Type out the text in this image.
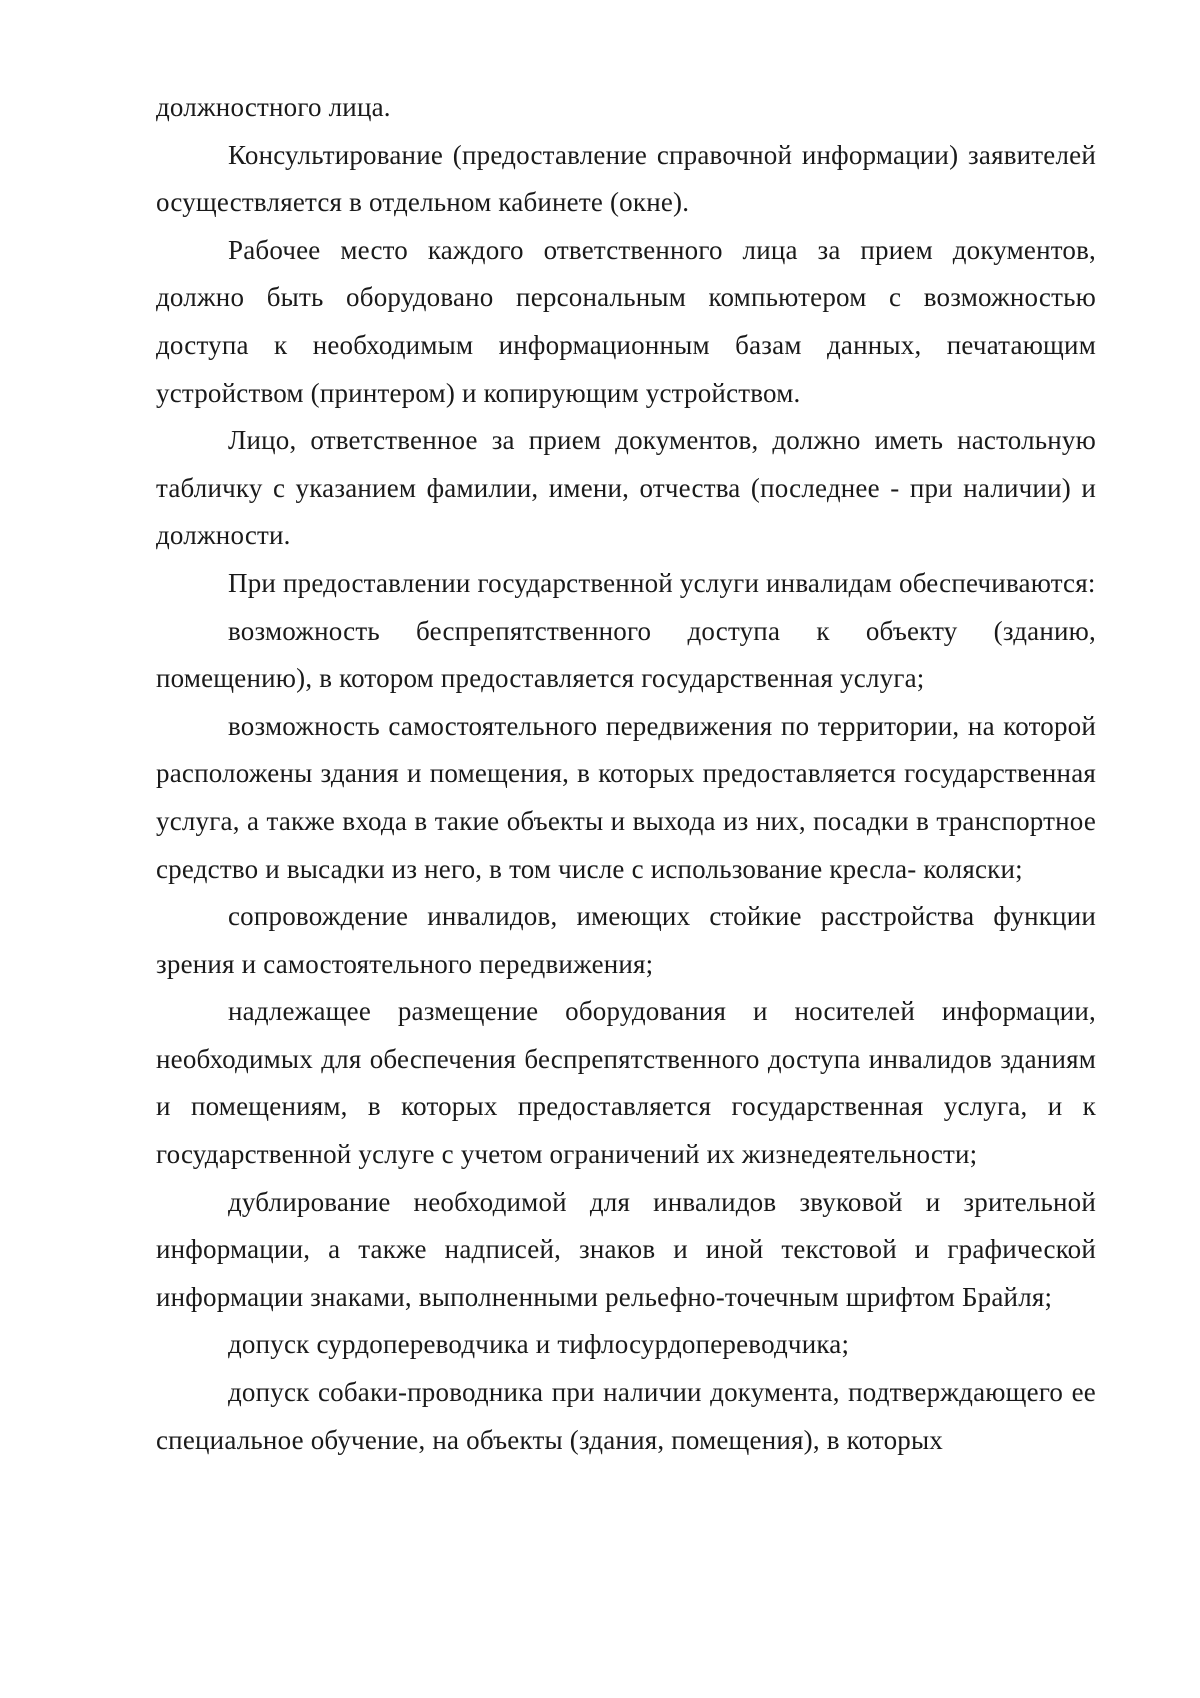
должностного лица.

Консультирование (предоставление справочной информации) заявителей осуществляется в отдельном кабинете (окне).

Рабочее место каждого ответственного лица за прием документов, должно быть оборудовано персональным компьютером с возможностью доступа к необходимым информационным базам данных, печатающим устройством (принтером) и копирующим устройством.

Лицо, ответственное за прием документов, должно иметь настольную табличку с указанием фамилии, имени, отчества (последнее - при наличии) и должности.

При предоставлении государственной услуги инвалидам обеспечиваются:

возможность беспрепятственного доступа к объекту (зданию, помещению), в котором предоставляется государственная услуга;

возможность самостоятельного передвижения по территории, на которой расположены здания и помещения, в которых предоставляется государственная услуга, а также входа в такие объекты и выхода из них, посадки в транспортное средство и высадки из него, в том числе с использование кресла- коляски;

сопровождение инвалидов, имеющих стойкие расстройства функции зрения и самостоятельного передвижения;

надлежащее размещение оборудования и носителей информации, необходимых для обеспечения беспрепятственного доступа инвалидов зданиям и помещениям, в которых предоставляется государственная услуга, и к государственной услуге с учетом ограничений их жизнедеятельности;

дублирование необходимой для инвалидов звуковой и зрительной информации, а также надписей, знаков и иной текстовой и графической информации знаками, выполненными рельефно-точечным шрифтом Брайля;

допуск сурдопереводчика и тифлосурдопереводчика;

допуск собаки-проводника при наличии документа, подтверждающего ее специальное обучение, на объекты (здания, помещения), в которых
